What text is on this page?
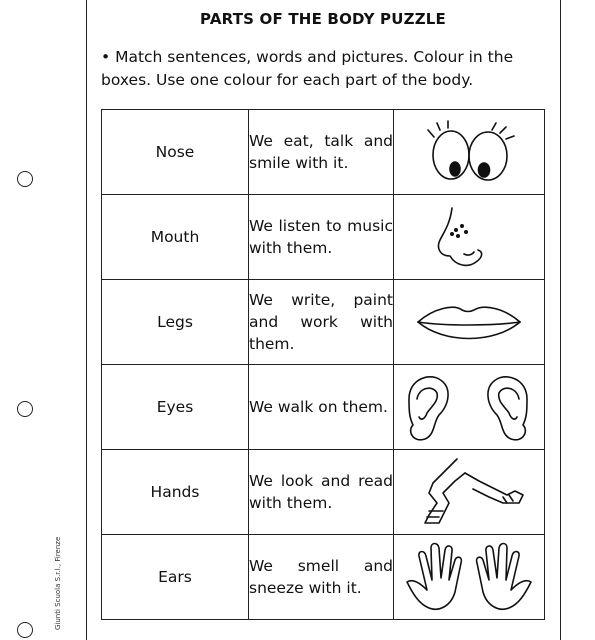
Giunti Scuola S.r.l., Firenze
PARTS OF THE BODY PUZZLE
• Match sentences, words and pictures. Colour in the boxes. Use one colour for each part of the body.
Nose	We eat, talk and smile with it.

Mouth	We listen to music with them.

Legs	We write, paint and work with them.

Eyes	We walk on them.

Hands	We look and read with them.

Ears	We smell and sneeze with it.
